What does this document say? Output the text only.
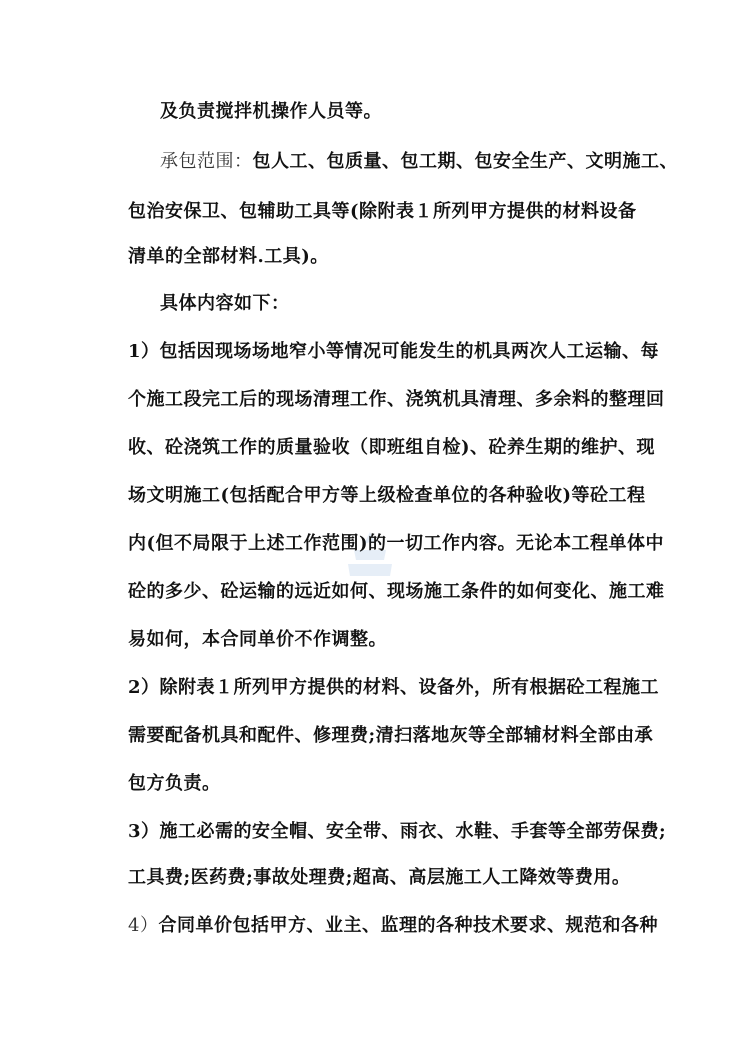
及负责搅拌机操作人员等。
承包范围：包人工、包质量、包工期、包安全生产、文明施工、
包治安保卫、包辅助工具等(除附表１所列甲方提供的材料设备
清单的全部材料.工具)。
具体内容如下：
1）包括因现场场地窄小等情况可能发生的机具两次人工运输、每
个施工段完工后的现场清理工作、浇筑机具清理、多余料的整理回
收、砼浇筑工作的质量验收（即班组自检)、砼养生期的维护、现
场文明施工(包括配合甲方等上级检查单位的各种验收)等砼工程
内(但不局限于上述工作范围)的一切工作内容。无论本工程单体中
砼的多少、砼运输的远近如何、现场施工条件的如何变化、施工难
易如何，本合同单价不作调整。
2）除附表１所列甲方提供的材料、设备外，所有根据砼工程施工
需要配备机具和配件、修理费;清扫落地灰等全部辅材料全部由承
包方负责。
3）施工必需的安全帽、安全带、雨衣、水鞋、手套等全部劳保费;
工具费;医药费;事故处理费;超高、高层施工人工降效等费用。
4）合同单价包括甲方、业主、监理的各种技术要求、规范和各种
